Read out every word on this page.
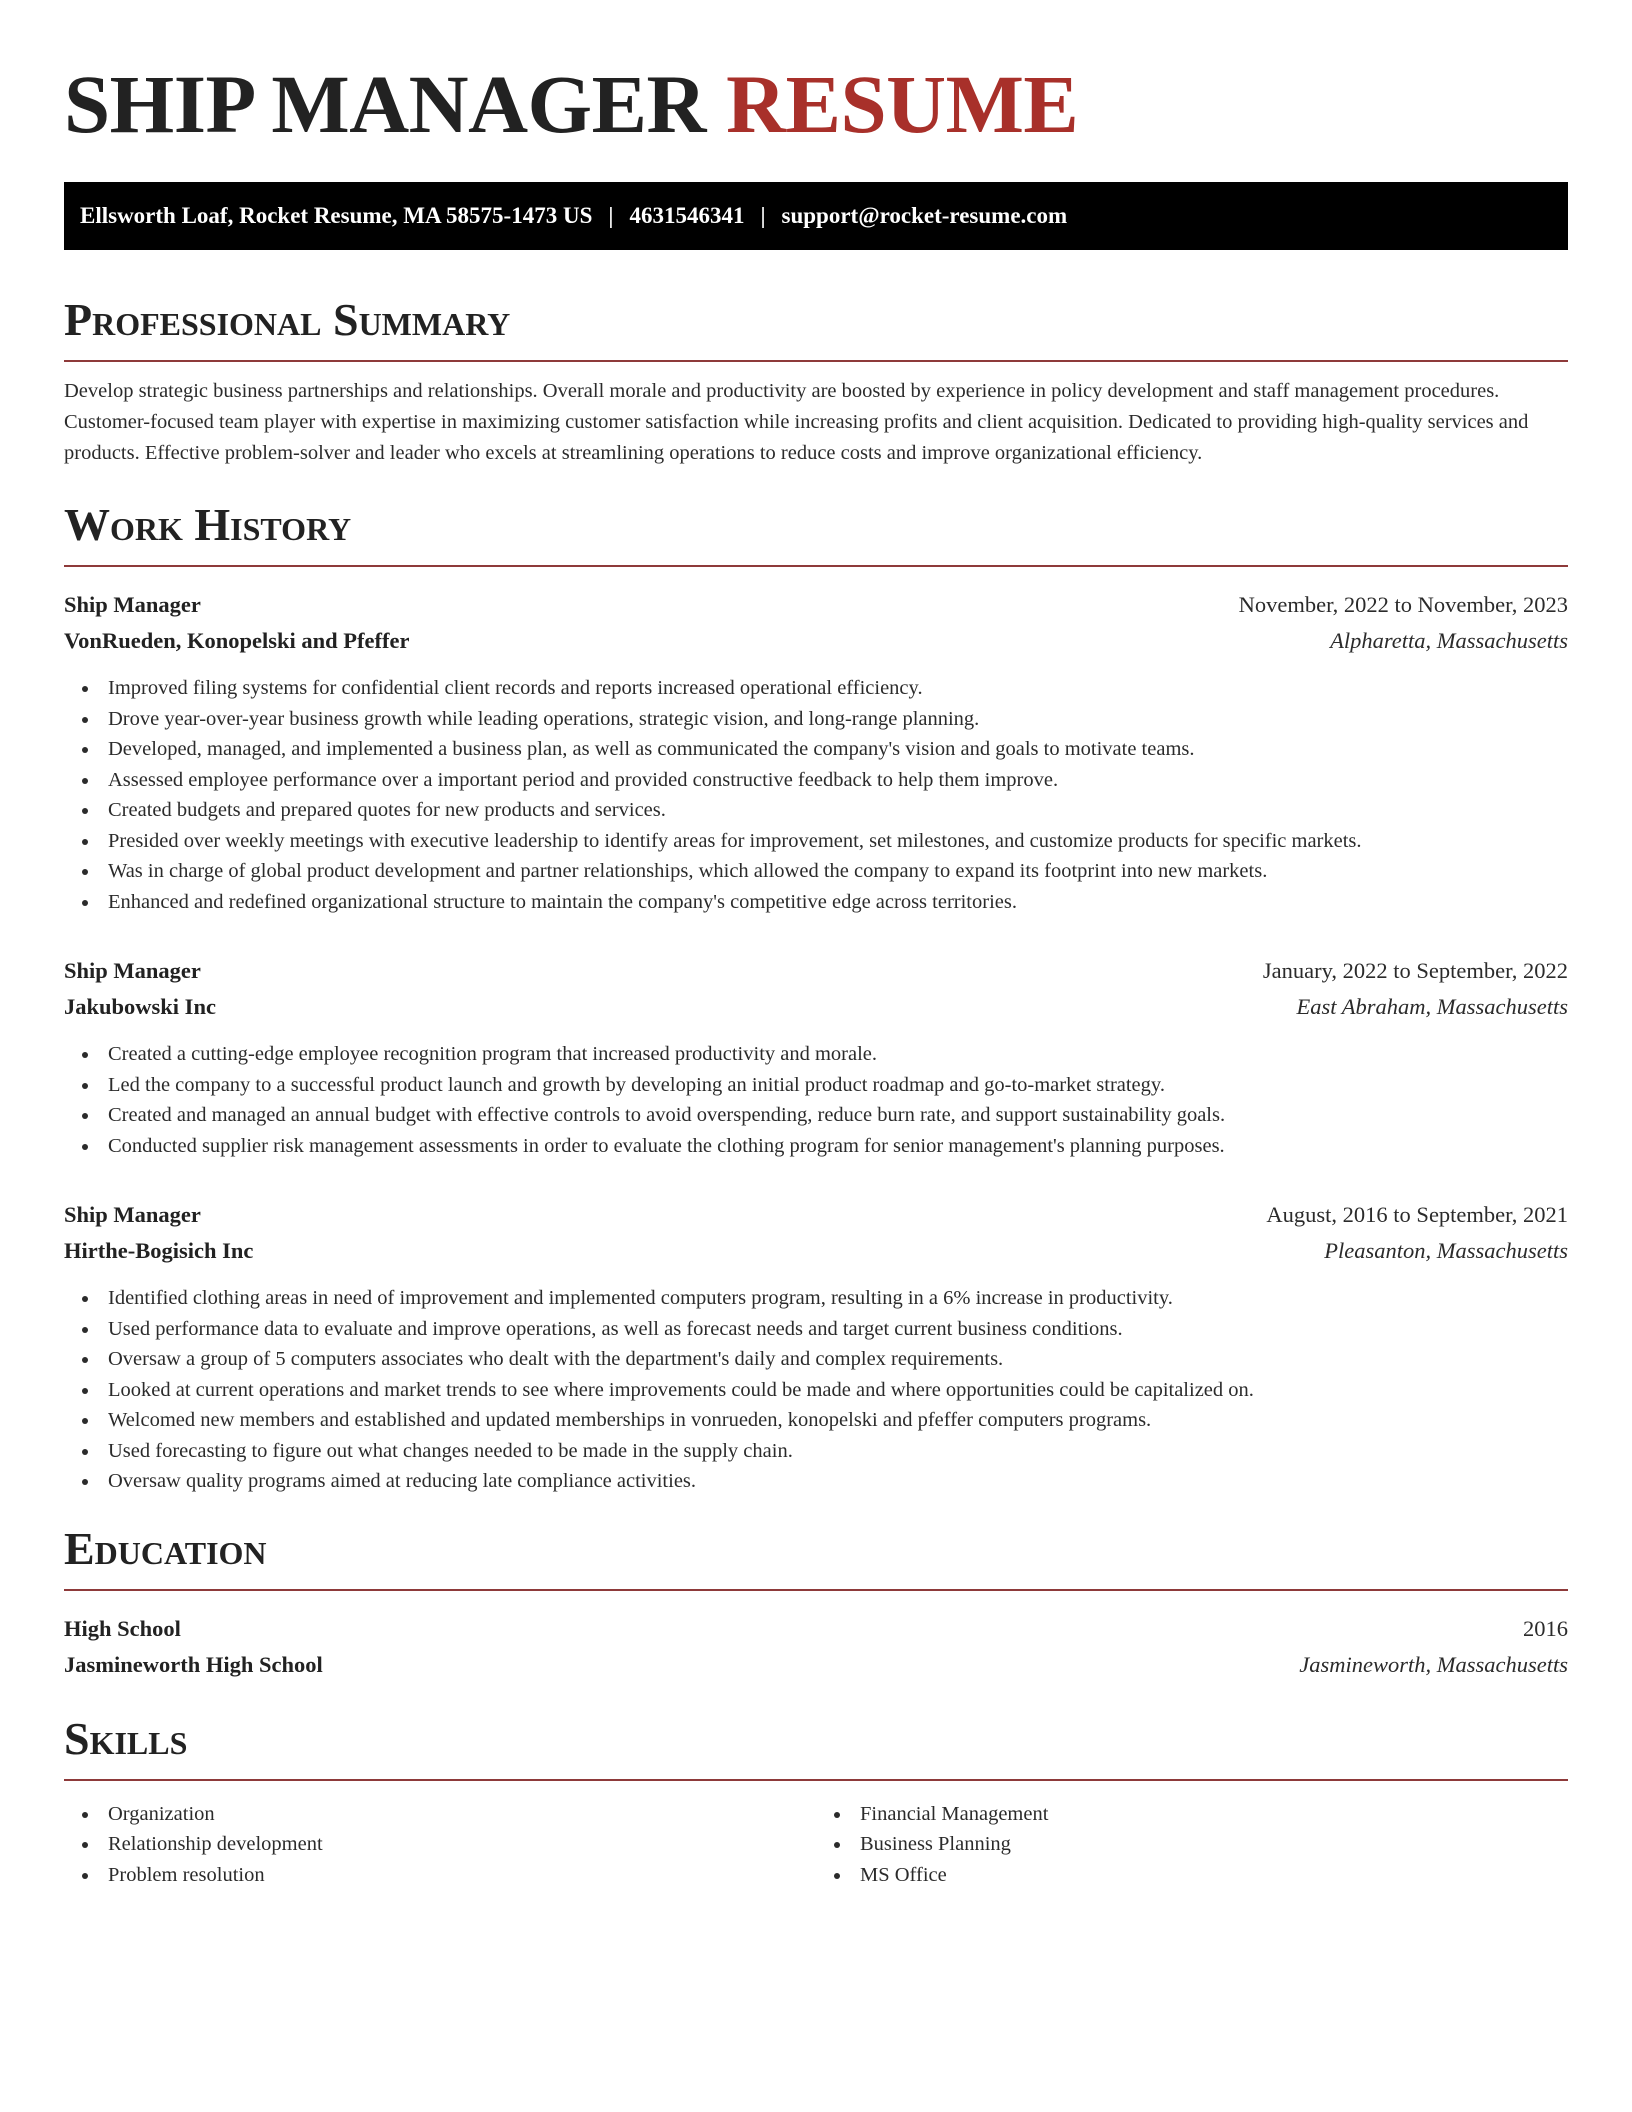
SHIP MANAGER RESUME
Ellsworth Loaf, Rocket Resume, MA 58575-1473 US | 4631546341 | support@rocket-resume.com
Professional Summary

Develop strategic business partnerships and relationships. Overall morale and productivity are boosted by experience in policy development and staff management procedures. Customer-focused team player with expertise in maximizing customer satisfaction while increasing profits and client acquisition. Dedicated to providing high-quality services and products. Effective problem-solver and leader who excels at streamlining operations to reduce costs and improve organizational efficiency.

Work History
Ship Manager	November, 2022 to November, 2023
VonRueden, Konopelski and Pfeffer	Alpharetta, Massachusetts
Improved filing systems for confidential client records and reports increased operational efficiency.
Drove year-over-year business growth while leading operations, strategic vision, and long-range planning.
Developed, managed, and implemented a business plan, as well as communicated the company's vision and goals to motivate teams.
Assessed employee performance over a important period and provided constructive feedback to help them improve.
Created budgets and prepared quotes for new products and services.
Presided over weekly meetings with executive leadership to identify areas for improvement, set milestones, and customize products for specific markets.
Was in charge of global product development and partner relationships, which allowed the company to expand its footprint into new markets.
Enhanced and redefined organizational structure to maintain the company's competitive edge across territories.
Ship Manager	January, 2022 to September, 2022
Jakubowski Inc	East Abraham, Massachusetts
Created a cutting-edge employee recognition program that increased productivity and morale.
Led the company to a successful product launch and growth by developing an initial product roadmap and go-to-market strategy.
Created and managed an annual budget with effective controls to avoid overspending, reduce burn rate, and support sustainability goals.
Conducted supplier risk management assessments in order to evaluate the clothing program for senior management's planning purposes.
Ship Manager	August, 2016 to September, 2021
Hirthe-Bogisich Inc	Pleasanton, Massachusetts
Identified clothing areas in need of improvement and implemented computers program, resulting in a 6% increase in productivity.
Used performance data to evaluate and improve operations, as well as forecast needs and target current business conditions.
Oversaw a group of 5 computers associates who dealt with the department's daily and complex requirements.
Looked at current operations and market trends to see where improvements could be made and where opportunities could be capitalized on.
Welcomed new members and established and updated memberships in vonrueden, konopelski and pfeffer computers programs.
Used forecasting to figure out what changes needed to be made in the supply chain.
Oversaw quality programs aimed at reducing late compliance activities.
Education
High School	2016
Jasmineworth High School	Jasmineworth, Massachusetts
Skills
Organization
Relationship development
Problem resolution
Financial Management
Business Planning
MS Office
